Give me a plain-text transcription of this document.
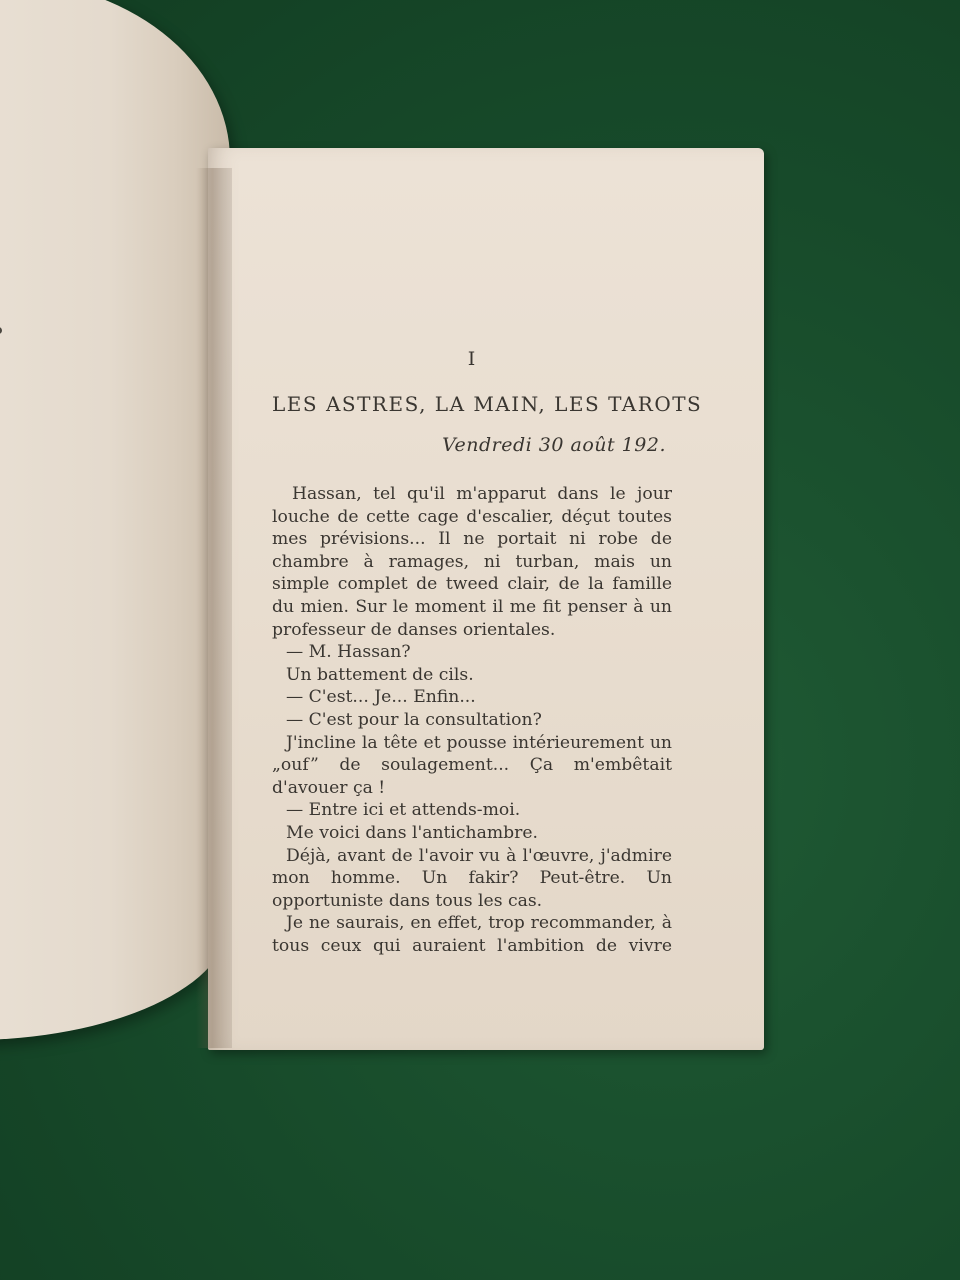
I
LES ASTRES, LA MAIN, LES TAROTS
Vendredi 30 août 192.

Hassan, tel qu'il m'apparut dans le jour louche de cette cage d'escalier, déçut toutes mes prévisions... Il ne portait ni robe de chambre à ramages, ni turban, mais un simple complet de tweed clair, de la famille du mien. Sur le moment il me fit penser à un professeur de danses orientales.

— M. Hassan?

Un battement de cils.

— C'est... Je... Enfin...

— C'est pour la consultation?

J'incline la tête et pousse intérieurement un „ouf” de soulagement... Ça m'embêtait d'avouer ça !

— Entre ici et attends-moi.

Me voici dans l'antichambre.

Déjà, avant de l'avoir vu à l'œuvre, j'admire mon homme. Un fakir? Peut-être. Un opportuniste dans tous les cas.

Je ne saurais, en effet, trop recommander, à tous ceux qui auraient l'ambition de vivre
